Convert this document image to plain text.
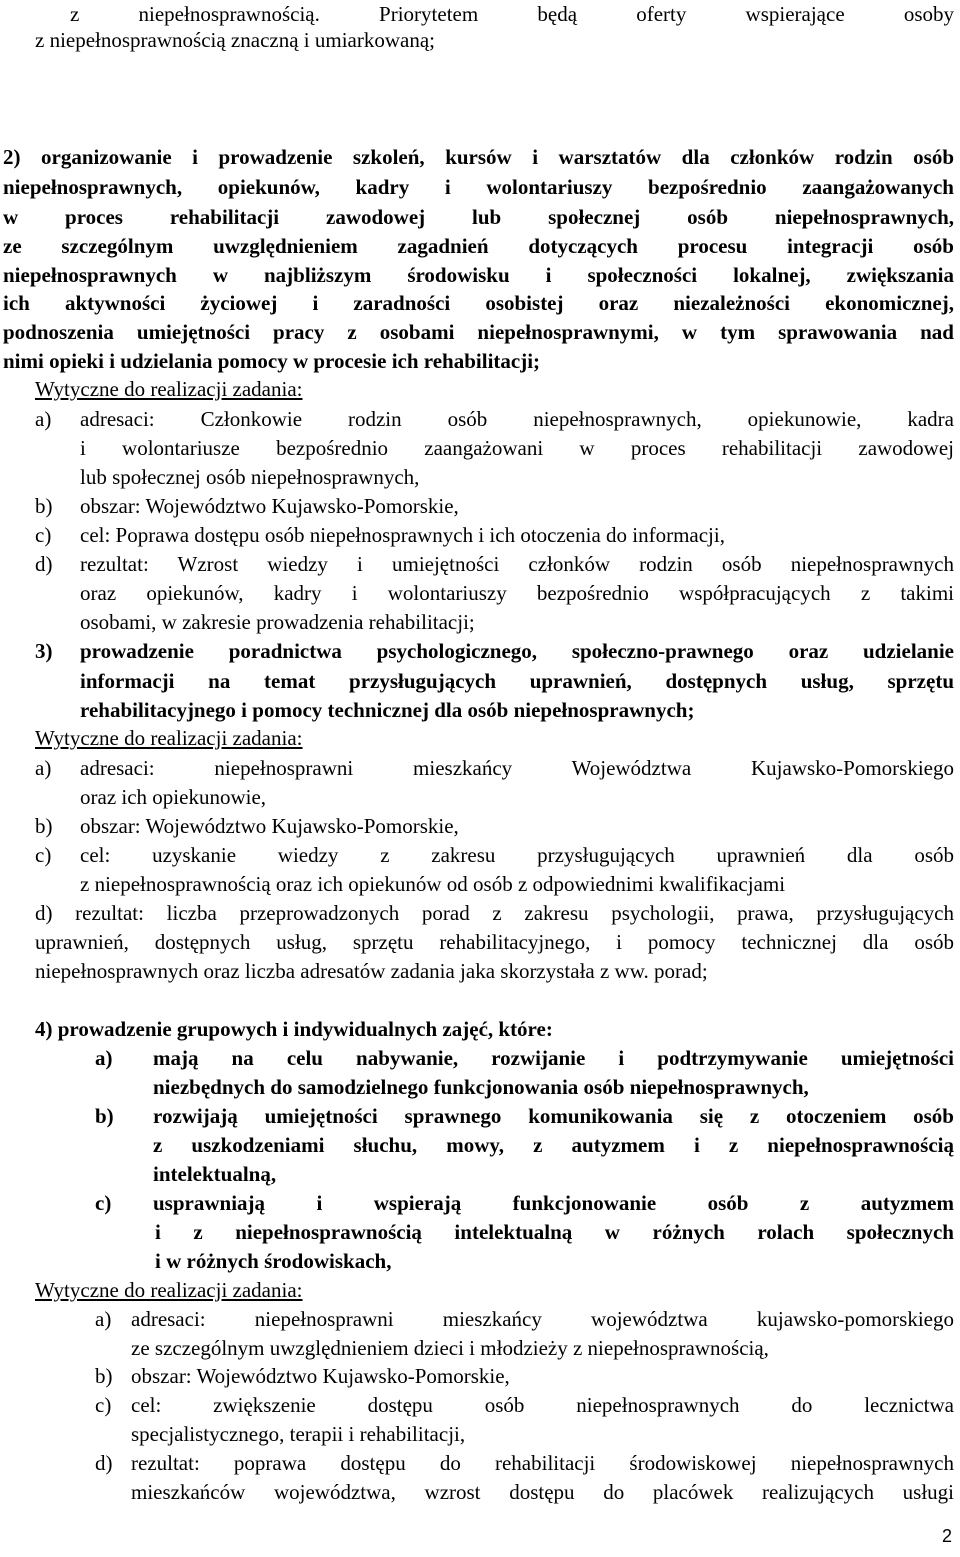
z niepełnosprawnością. Priorytetem będą oferty wspierające osoby
z niepełnosprawnością znaczną i umiarkowaną;
2) organizowanie i prowadzenie szkoleń, kursów i warsztatów dla członków rodzin osób
niepełnosprawnych, opiekunów, kadry i wolontariuszy bezpośrednio zaangażowanych
w proces rehabilitacji zawodowej lub społecznej osób niepełnosprawnych,
ze szczególnym uwzględnieniem zagadnień dotyczących procesu integracji osób
niepełnosprawnych w najbliższym środowisku i społeczności lokalnej, zwiększania
ich aktywności życiowej i zaradności osobistej oraz niezależności ekonomicznej,
podnoszenia umiejętności pracy z osobami niepełnosprawnymi, w tym sprawowania nad
nimi opieki i udzielania pomocy w procesie ich rehabilitacji;
Wytyczne do realizacji zadania:
a) adresaci: Członkowie rodzin osób niepełnosprawnych, opiekunowie, kadra
i wolontariusze bezpośrednio zaangażowani w proces rehabilitacji zawodowej
lub społecznej osób niepełnosprawnych,
b) obszar: Województwo Kujawsko-Pomorskie,
c) cel: Poprawa dostępu osób niepełnosprawnych i ich otoczenia do informacji,
d) rezultat: Wzrost wiedzy i umiejętności członków rodzin osób niepełnosprawnych
oraz opiekunów, kadry i wolontariuszy bezpośrednio współpracujących z takimi
osobami, w zakresie prowadzenia rehabilitacji;
3) prowadzenie poradnictwa psychologicznego, społeczno-prawnego oraz udzielanie
informacji na temat przysługujących uprawnień, dostępnych usług, sprzętu
rehabilitacyjnego i pomocy technicznej dla osób niepełnosprawnych;
Wytyczne do realizacji zadania:
a) adresaci: niepełnosprawni mieszkańcy Województwa Kujawsko-Pomorskiego
oraz ich opiekunowie,
b) obszar: Województwo Kujawsko-Pomorskie,
c) cel: uzyskanie wiedzy z zakresu przysługujących uprawnień dla osób
z niepełnosprawnością oraz ich opiekunów od osób z odpowiednimi kwalifikacjami
d) rezultat: liczba przeprowadzonych porad z zakresu psychologii, prawa, przysługujących
uprawnień, dostępnych usług, sprzętu rehabilitacyjnego, i pomocy technicznej dla osób
niepełnosprawnych oraz liczba adresatów zadania jaka skorzystała z ww. porad;
4) prowadzenie grupowych i indywidualnych zajęć, które:
a) mają na celu nabywanie, rozwijanie i podtrzymywanie umiejętności
niezbędnych do samodzielnego funkcjonowania osób niepełnosprawnych,
b) rozwijają umiejętności sprawnego komunikowania się z otoczeniem osób
z uszkodzeniami słuchu, mowy, z autyzmem i z niepełnosprawnością
intelektualną,
c) usprawniają i wspierają funkcjonowanie osób z autyzmem
i z niepełnosprawnością intelektualną w różnych rolach społecznych
i w różnych środowiskach,
Wytyczne do realizacji zadania:
a) adresaci: niepełnosprawni mieszkańcy województwa kujawsko-pomorskiego
ze szczególnym uwzględnieniem dzieci i młodzieży z niepełnosprawnością,
b) obszar: Województwo Kujawsko-Pomorskie,
c) cel: zwiększenie dostępu osób niepełnosprawnych do lecznictwa
specjalistycznego, terapii i rehabilitacji,
d) rezultat: poprawa dostępu do rehabilitacji środowiskowej niepełnosprawnych
mieszkańców województwa, wzrost dostępu do placówek realizujących usługi
2
